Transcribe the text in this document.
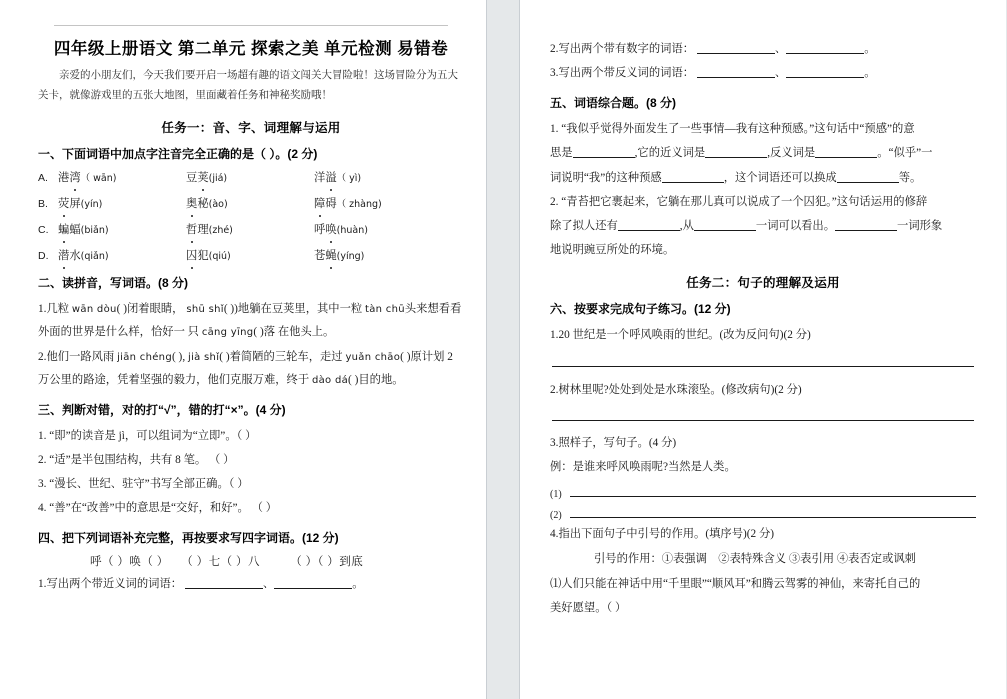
四年级上册语文 第二单元 探索之美 单元检测 易错卷

亲爱的小朋友们，今天我们要开启一场超有趣的语文闯关大冒险啦！这场冒险分为五大关卡，就像游戏里的五张大地图，里面藏着任务和神秘奖励哦！

任务一：音、字、词理解与运用
一、下面词语中加点字注音完全正确的是（ ）。(2 分)
A. 港湾（ wān)	豆荚(jiá)	洋溢（ yì)
B. 荧屏(yín)	奥秘(ào)	障碍（ zhàng)
C. 蝙蝠(biǎn)	哲理(zhé)	呼唤(huàn)
D. 潜水(qiǎn)	囚犯(qiú)	苍蝇(yíng)
二、读拼音，写词语。(8 分)

1.几粒 wān dòu( )闭着眼睛， shū shǐ( ))地躺在豆荚里，其中一粒 tàn chū头来想看看外面的世界是什么样，恰好一 只 cāng yīng( )落 在他头上。

2.他们一路风雨 jiān chéng( ), jià shǐ( )着简陋的三轮车，走过 yuǎn chāo( )原计划 2 万公里的路途，凭着坚强的毅力，他们克服万难，终于 dào dá( )目的地。

三、判断对错，对的打“√”，错的打“×”。(4 分)

1. “即”的读音是 jì，可以组词为“立即”。（ ）

2. “适”是半包围结构，共有 8 笔。 （ ）

3. “漫长、世纪、驻守”书写全部正确。（ ）

4. “善”在“改善”中的意思是“交好，和好”。 （ ）

四、把下列词语补充完整，再按要求写四字词语。(12 分)
呼（ ）唤（ ）　　（ ）七（ ）八　　　（ ）（ ）到底

1.写出两个带近义词的词语：	、	。

2.写出两个带有数字的词语：	、	。

3.写出两个带反义词的词语：	、	。

五、词语综合题。(8 分)

1. “我似乎觉得外面发生了一些事情—我有这种预感。”这句话中“预感”的意

思是	,它的近义词是	,反义词是	。“似乎”一

词说明“我”的这种预感	，这个词语还可以换成	等。

2. “青苔把它裹起来，它躺在那儿真可以说成了一个囚犯。”这句话运用的修辞

除了拟人还有	,从	一词可以看出。	一词形象

地说明豌豆所处的环境。

任务二：句子的理解及运用
六、按要求完成句子练习。(12 分)

1.20 世纪是一个呼风唤雨的世纪。(改为反问句)(2 分)

2.树林里呢?处处到处是水珠滚坠。(修改病句)(2 分)

3.照样子，写句子。(4 分)

例：是谁来呼风唤雨呢?当然是人类。

(1)
(2)

4.指出下面句子中引号的作用。(填序号)(2 分)

引号的作用：①表强调　②表特殊含义 ③表引用 ④表否定或讽刺

⑴人们只能在神话中用“千里眼”“顺风耳”和腾云驾雾的神仙，来寄托自己的

美好愿望。（ ）
